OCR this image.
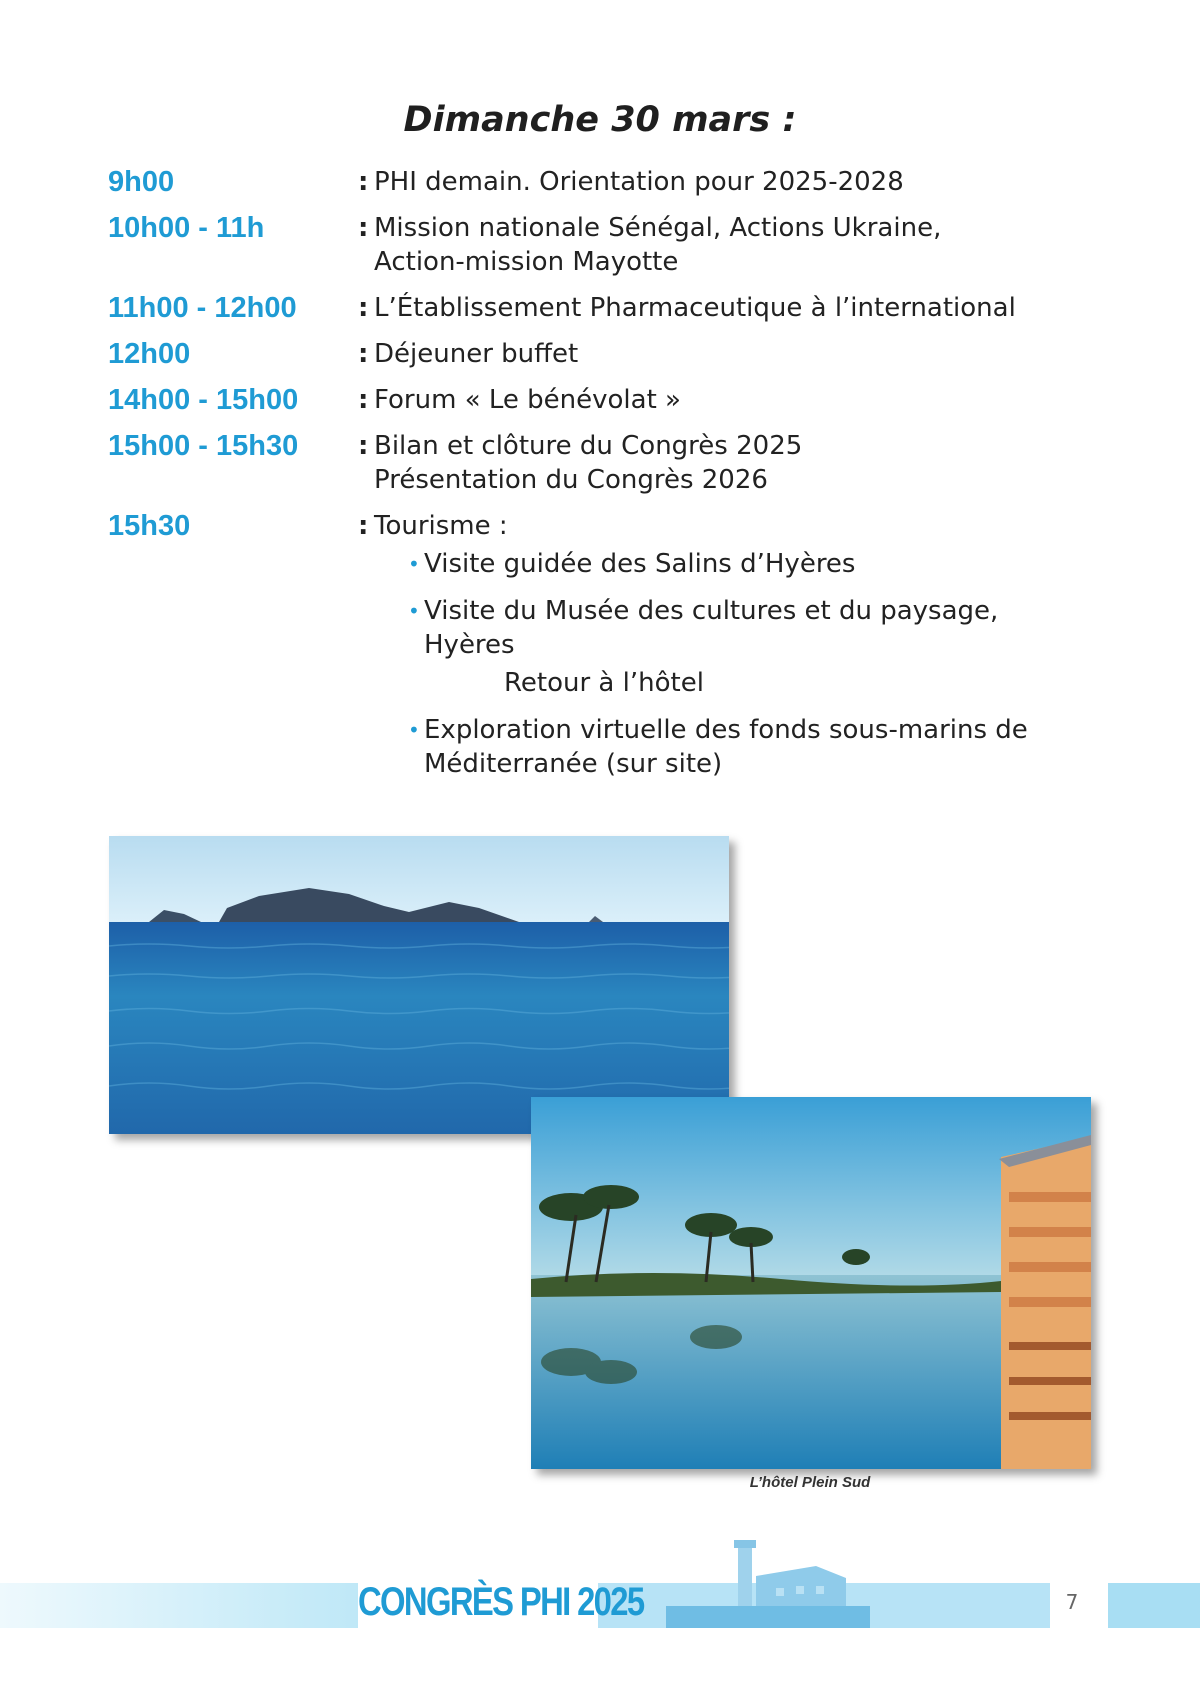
Dimanche 30 mars :
9h00	: PHI demain. Orientation pour 2025-2028
10h00 - 11h	: Mission nationale Sénégal, Actions Ukraine,
Action-mission Mayotte
11h00 - 12h00	: L’Établissement Pharmaceutique à l’international
12h00	: Déjeuner buffet
14h00 - 15h00	: Forum « Le bénévolat »
15h00 - 15h30	: Bilan et clôture du Congrès 2025
Présentation du Congrès 2026
15h30	: Tourisme :
• Visite guidée des Salins d’Hyères
• Visite du Musée des cultures et du paysage,
Hyères
Retour à l’hôtel
• Exploration virtuelle des fonds sous-marins de
Méditerranée (sur site)
L’hôtel Plein Sud
CONGRÈS PHI 2025	7
